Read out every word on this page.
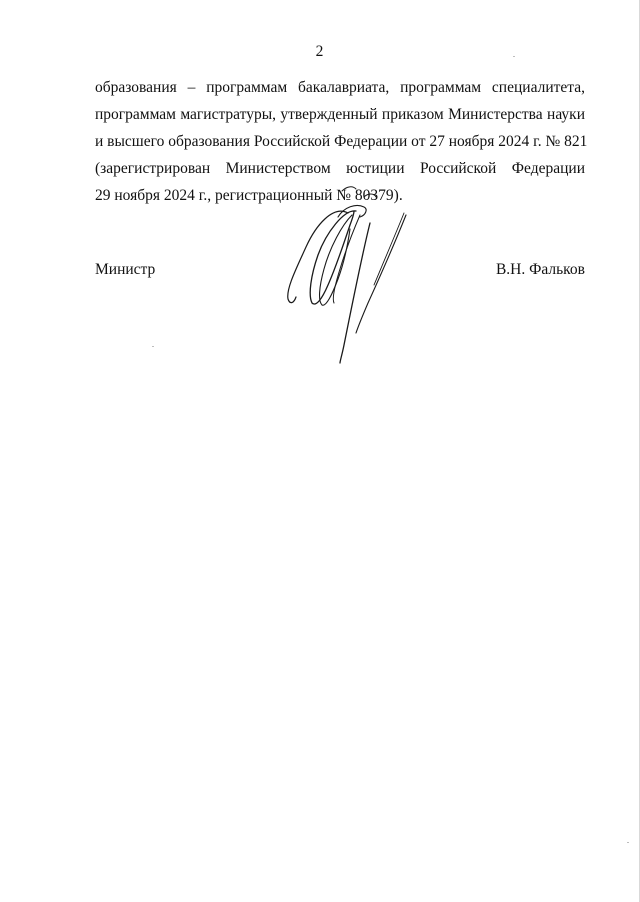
2

образования – программам бакалавриата, программам специалитета,
программам магистратуры, утвержденный приказом Министерства науки
и высшего образования Российской Федерации от 27 ноября 2024 г. № 821
(зарегистрирован Министерством юстиции Российской Федерации
29 ноября 2024 г., регистрационный № 80379).

Министр	В.Н. Фальков
